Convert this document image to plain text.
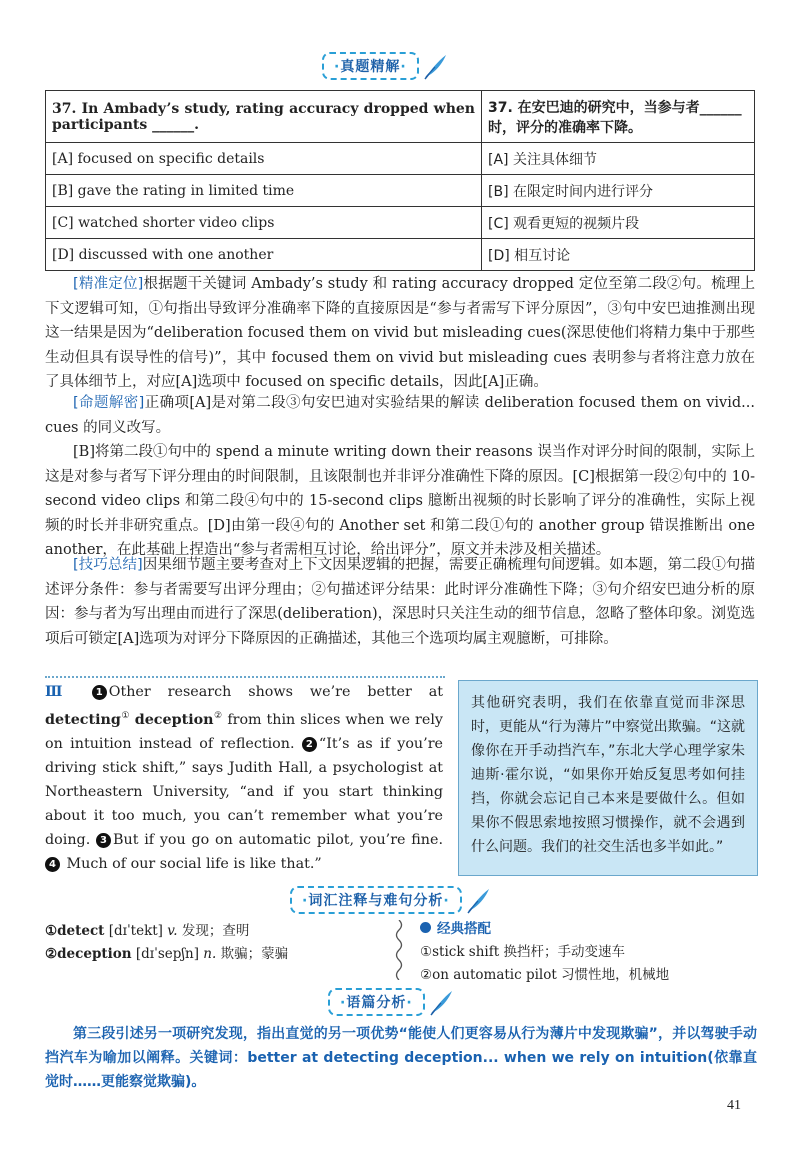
·真题精解·
37. In Ambady’s study, rating accuracy dropped when participants ______.	37. 在安巴迪的研究中，当参与者______时，评分的准确率下降。
[A] focused on specific details	[A] 关注具体细节
[B] gave the rating in limited time	[B] 在限定时间内进行评分
[C] watched shorter video clips	[C] 观看更短的视频片段
[D] discussed with one another	[D] 相互讨论
[精准定位]根据题干关键词 Ambady’s study 和 rating accuracy dropped 定位至第二段②句。梳理上下文逻辑可知，①句指出导致评分准确率下降的直接原因是“参与者需写下评分原因”，③句中安巴迪推测出现这一结果是因为“deliberation focused them on vivid but misleading cues(深思使他们将精力集中于那些生动但具有误导性的信号)”，其中 focused them on vivid but misleading cues 表明参与者将注意力放在了具体细节上，对应[A]选项中 focused on specific details，因此[A]正确。
[命题解密]正确项[A]是对第二段③句安巴迪对实验结果的解读 deliberation focused them on vivid... cues 的同义改写。
[B]将第二段①句中的 spend a minute writing down their reasons 误当作对评分时间的限制，实际上这是对参与者写下评分理由的时间限制，且该限制也并非评分准确性下降的原因。[C]根据第一段②句中的 10-second video clips 和第二段④句中的 15-second clips 臆断出视频的时长影响了评分的准确性，实际上视频的时长并非研究重点。[D]由第一段④句的 Another set 和第二段①句的 another group 错误推断出 one another，在此基础上捏造出“参与者需相互讨论，给出评分”，原文并未涉及相关描述。
[技巧总结]因果细节题主要考查对上下文因果逻辑的把握，需要正确梳理句间逻辑。如本题，第二段①句描述评分条件：参与者需要写出评分理由；②句描述评分结果：此时评分准确性下降；③句介绍安巴迪分析的原因：参与者为写出理由而进行了深思(deliberation)，深思时只关注生动的细节信息，忽略了整体印象。浏览选项后可锁定[A]选项为对评分下降原因的正确描述，其他三个选项均属主观臆断，可排除。
Ⅲ 1 Other research shows we’re better at detecting① deception② from thin slices when we rely on intuition instead of reflection. 2 “It’s as if you’re driving stick shift,” says Judith Hall, a psychologist at Northeastern University, “and if you start thinking about it too much, you can’t remember what you’re doing. 3 But if you go on automatic pilot, you’re fine. 4 Much of our social life is like that.”
其他研究表明，我们在依靠直觉而非深思时，更能从“行为薄片”中察觉出欺骗。“这就像你在开手动挡汽车，”东北大学心理学家朱迪斯·霍尔说，“如果你开始反复思考如何挂挡，你就会忘记自己本来是要做什么。但如果你不假思索地按照习惯操作，就不会遇到什么问题。我们的社交生活也多半如此。”
·词汇注释与难句分析·
①detect [dɪˈtekt] v. 发现；查明
②deception [dɪˈsepʃn] n. 欺骗；蒙骗
经典搭配
①stick shift 换挡杆；手动变速车
②on automatic pilot 习惯性地，机械地
·语篇分析·
第三段引述另一项研究发现，指出直觉的另一项优势“能使人们更容易从行为薄片中发现欺骗”，并以驾驶手动挡汽车为喻加以阐释。关键词：better at detecting deception... when we rely on intuition(依靠直觉时……更能察觉欺骗)。
41
